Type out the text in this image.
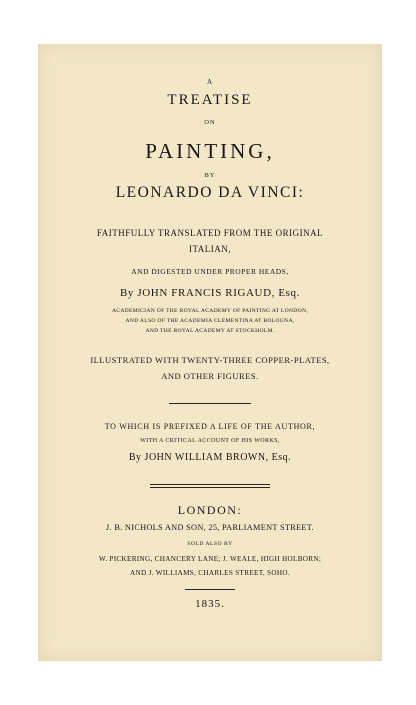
A
TREATISE
ON
PAINTING,
BY
LEONARDO DA VINCI:
FAITHFULLY TRANSLATED FROM THE ORIGINAL
ITALIAN,
AND DIGESTED UNDER PROPER HEADS,
By JOHN FRANCIS RIGAUD, Esq.
ACADEMICIAN OF THE ROYAL ACADEMY OF PAINTING AT LONDON,
AND ALSO OF THE ACADEMIA CLEMENTINA AT BOLOGNA,
AND THE ROYAL ACADEMY AT STOCKHOLM.
ILLUSTRATED WITH TWENTY-THREE COPPER-PLATES,
AND OTHER FIGURES.
TO WHICH IS PREFIXED A LIFE OF THE AUTHOR,
WITH A CRITICAL ACCOUNT OF HIS WORKS,
By JOHN WILLIAM BROWN, Esq.
LONDON:
J. B. NICHOLS AND SON, 25, PARLIAMENT STREET.
SOLD ALSO BY
W. PICKERING, CHANCERY LANE; J. WEALE, HIGH HOLBORN;
AND J. WILLIAMS, CHARLES STREET, SOHO.
1835.
